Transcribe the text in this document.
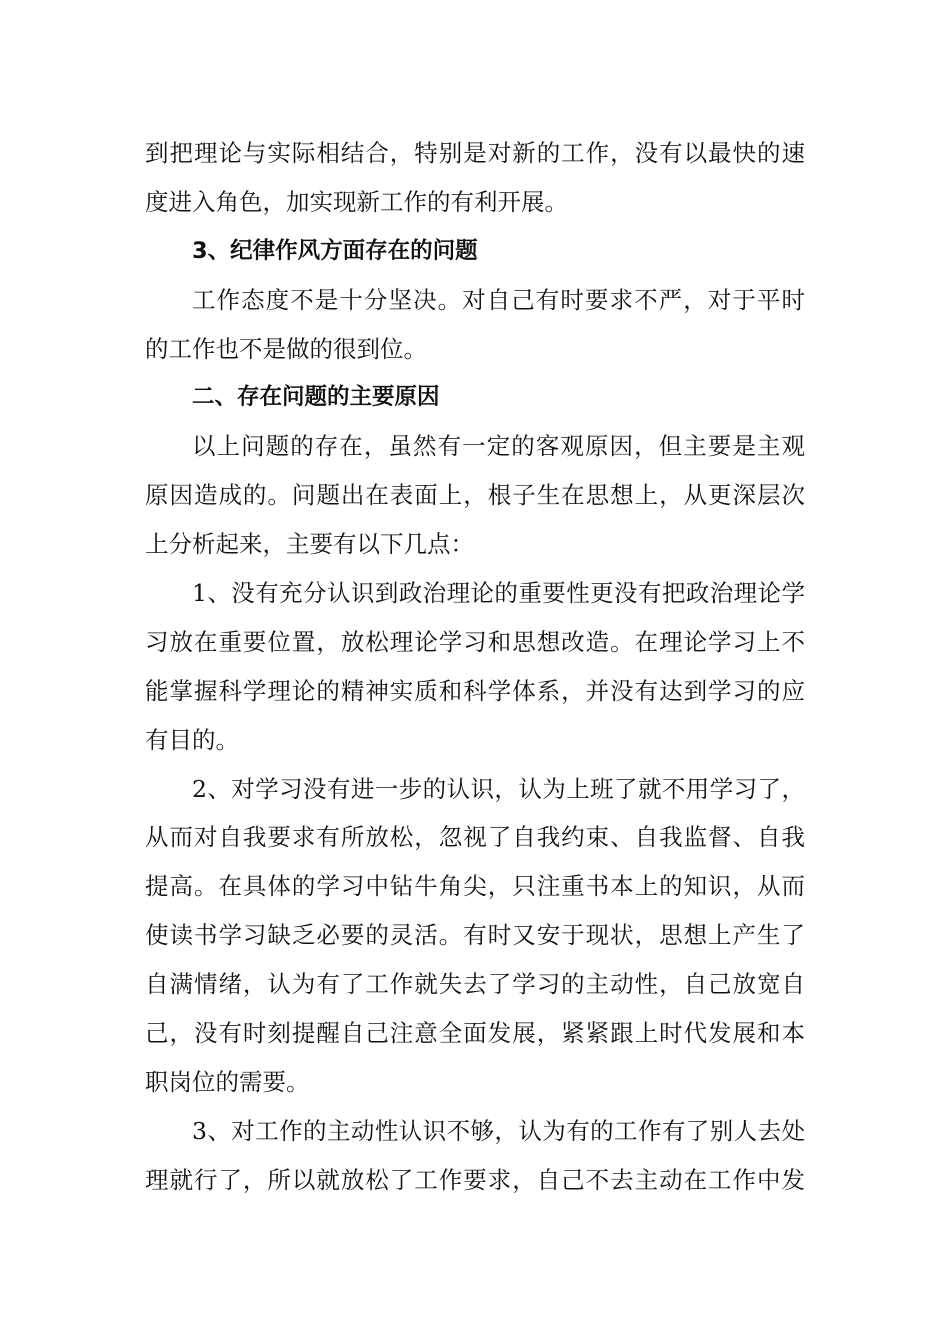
到把理论与实际相结合，特别是对新的工作，没有以最快的速
度进入角色，加实现新工作的有利开展。
3、纪律作风方面存在的问题
工作态度不是十分坚决。对自己有时要求不严，对于平时
的工作也不是做的很到位。
二、存在问题的主要原因
以上问题的存在，虽然有一定的客观原因，但主要是主观
原因造成的。问题出在表面上，根子生在思想上，从更深层次
上分析起来，主要有以下几点：
1、没有充分认识到政治理论的重要性更没有把政治理论学
习放在重要位置，放松理论学习和思想改造。在理论学习上不
能掌握科学理论的精神实质和科学体系，并没有达到学习的应
有目的。
2、对学习没有进一步的认识，认为上班了就不用学习了，
从而对自我要求有所放松，忽视了自我约束、自我监督、自我
提高。在具体的学习中钻牛角尖，只注重书本上的知识，从而
使读书学习缺乏必要的灵活。有时又安于现状，思想上产生了
自满情绪，认为有了工作就失去了学习的主动性，自己放宽自
己，没有时刻提醒自己注意全面发展，紧紧跟上时代发展和本
职岗位的需要。
3、对工作的主动性认识不够，认为有的工作有了别人去处
理就行了，所以就放松了工作要求，自己不去主动在工作中发
